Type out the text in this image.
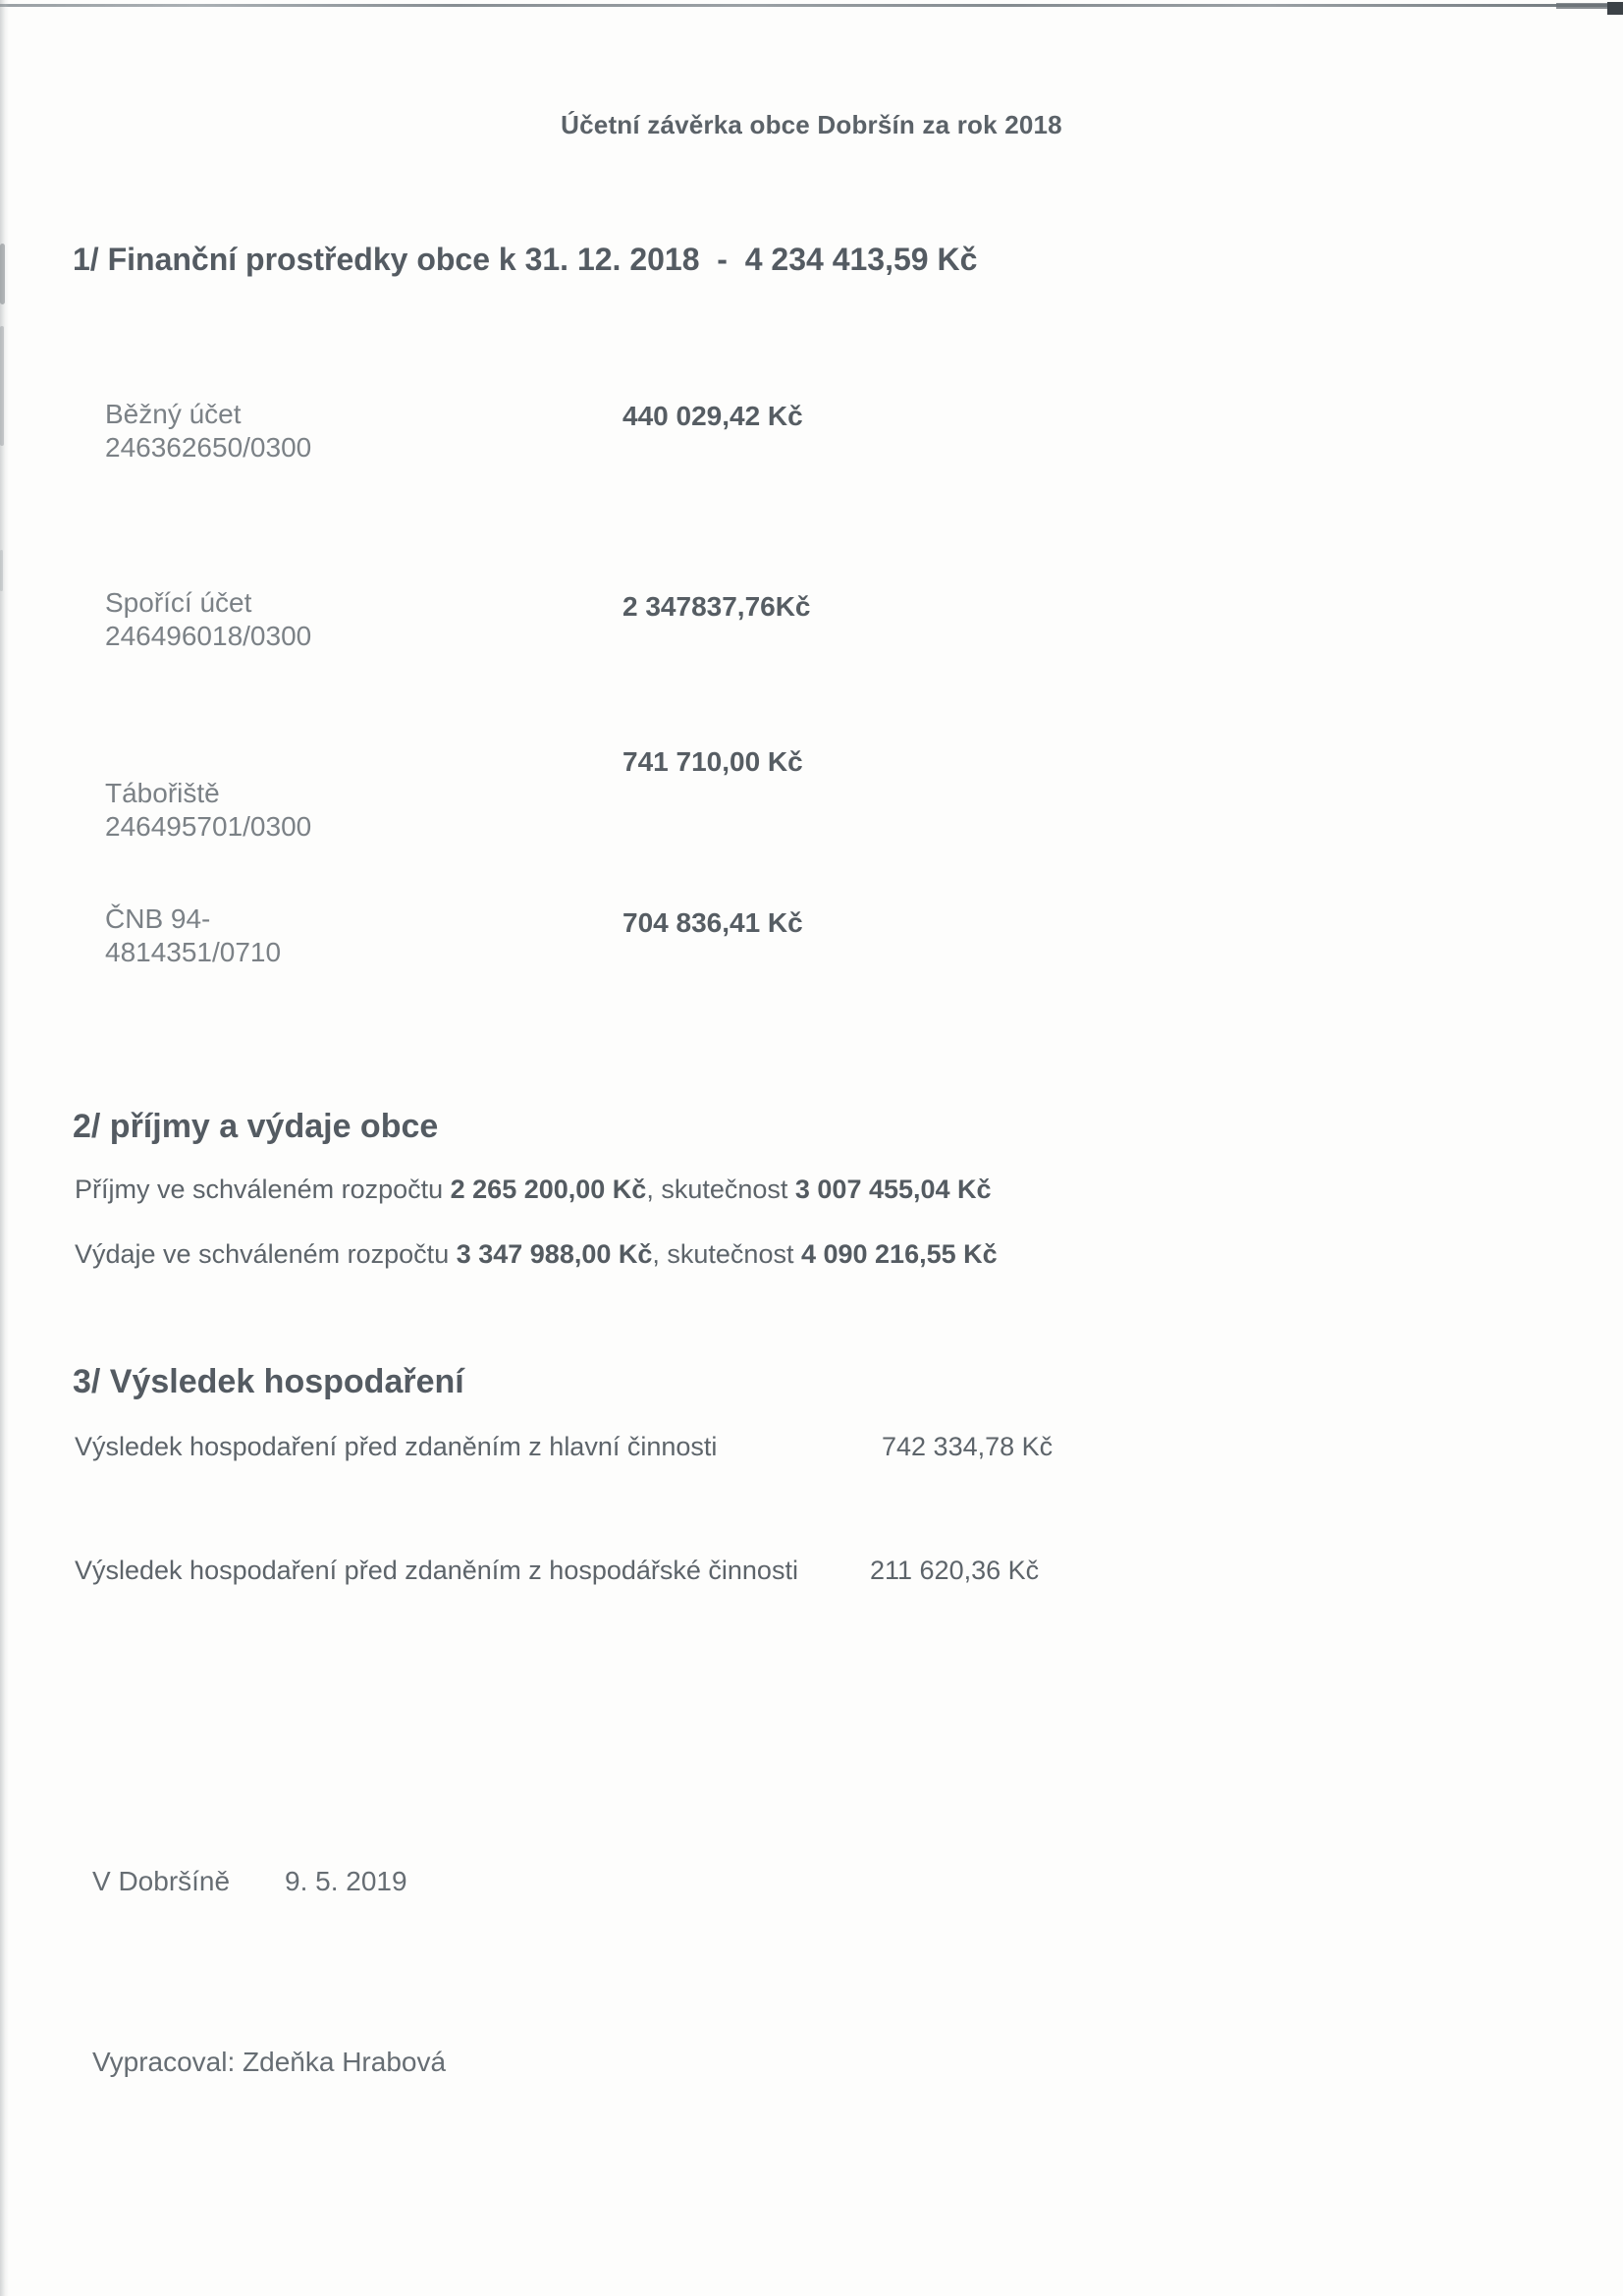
Účetní závěrka obce Dobršín za rok 2018
1/ Finanční prostředky obce k 31. 12. 2018  -  4 234 413,59 Kč
Běžný účet
246362650/0300
440 029,42 Kč
Spořící účet
246496018/0300
2 347837,76Kč
741 710,00 Kč
Tábořiště
246495701/0300
ČNB 94-
4814351/0710
704 836,41 Kč
2/ příjmy a výdaje obce
Příjmy ve schváleném rozpočtu 2 265 200,00 Kč, skutečnost 3 007 455,04 Kč
Výdaje ve schváleném rozpočtu 3 347 988,00 Kč, skutečnost 4 090 216,55 Kč
3/ Výsledek hospodaření
Výsledek hospodaření před zdaněním z hlavní činnosti	742 334,78 Kč
Výsledek hospodaření před zdaněním z hospodářské činnosti	211 620,36 Kč
V Dobršíně 9. 5. 2019
Vypracoval: Zdeňka Hrabová
